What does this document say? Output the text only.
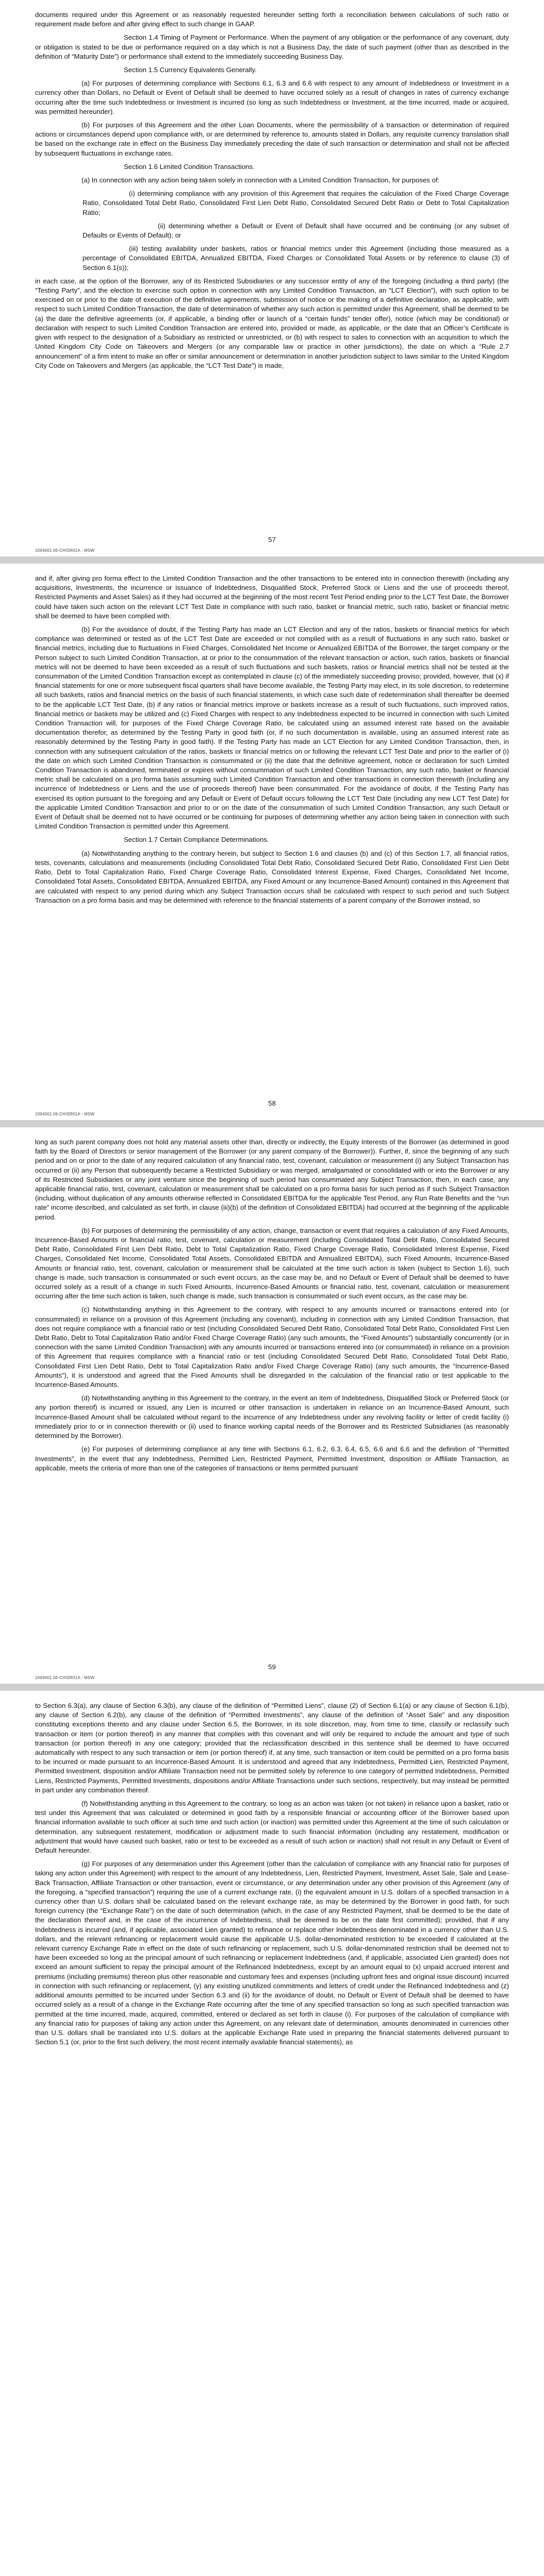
documents required under this Agreement or as reasonably requested hereunder setting forth a reconciliation between calculations of such ratio or requirement made before and after giving effect to such change in GAAP.

Section 1.4 Timing of Payment or Performance. When the payment of any obligation or the performance of any covenant, duty or obligation is stated to be due or performance required on a day which is not a Business Day, the date of such payment (other than as described in the definition of “Maturity Date”) or performance shall extend to the immediately succeeding Business Day.

Section 1.5 Currency Equivalents Generally.

(a) For purposes of determining compliance with Sections 6.1, 6.3 and 6.6 with respect to any amount of Indebtedness or Investment in a currency other than Dollars, no Default or Event of Default shall be deemed to have occurred solely as a result of changes in rates of currency exchange occurring after the time such Indebtedness or Investment is incurred (so long as such Indebtedness or Investment, at the time incurred, made or acquired, was permitted hereunder).

(b) For purposes of this Agreement and the other Loan Documents, where the permissibility of a transaction or determination of required actions or circumstances depend upon compliance with, or are determined by reference to, amounts stated in Dollars, any requisite currency translation shall be based on the exchange rate in effect on the Business Day immediately preceding the date of such transaction or determination and shall not be affected by subsequent fluctuations in exchange rates.

Section 1.6 Limited Condition Transactions.

(a) In connection with any action being taken solely in connection with a Limited Condition Transaction, for purposes of:

(i) determining compliance with any provision of this Agreement that requires the calculation of the Fixed Charge Coverage Ratio, Consolidated Total Debt Ratio, Consolidated First Lien Debt Ratio, Consolidated Secured Debt Ratio or Debt to Total Capitalization Ratio;

(ii) determining whether a Default or Event of Default shall have occurred and be continuing (or any subset of Defaults or Events of Default); or

(iii) testing availability under baskets, ratios or financial metrics under this Agreement (including those measured as a percentage of Consolidated EBITDA, Annualized EBITDA, Fixed Charges or Consolidated Total Assets or by reference to clause (3) of Section 6.1(s));

in each case, at the option of the Borrower, any of its Restricted Subsidiaries or any successor entity of any of the foregoing (including a third party) (the “Testing Party”, and the election to exercise such option in connection with any Limited Condition Transaction, an “LCT Election”), with such option to be exercised on or prior to the date of execution of the definitive agreements, submission of notice or the making of a definitive declaration, as applicable, with respect to such Limited Condition Transaction, the date of determination of whether any such action is permitted under this Agreement, shall be deemed to be (a) the date the definitive agreements (or, if applicable, a binding offer or launch of a “certain funds” tender offer), notice (which may be conditional) or declaration with respect to such Limited Condition Transaction are entered into, provided or made, as applicable, or the date that an Officer’s Certificate is given with respect to the designation of a Subsidiary as restricted or unrestricted, or (b) with respect to sales to connection with an acquisition to which the United Kingdom City Code on Takeovers and Mergers (or any comparable law or practice in other jurisdictions), the date on which a “Rule 2.7 announcement” of a firm intent to make an offer or similar announcement or determination in another jurisdiction subject to laws similar to the United Kingdom City Code on Takeovers and Mergers (as applicable, the “LCT Test Date”) is made,

57
1094001.06-CHISR01A - MSW

and if, after giving pro forma effect to the Limited Condition Transaction and the other transactions to be entered into in connection therewith (including any acquisitions, Investments, the incurrence or issuance of Indebtedness, Disqualified Stock, Preferred Stock or Liens and the use of proceeds thereof, Restricted Payments and Asset Sales) as if they had occurred at the beginning of the most recent Test Period ending prior to the LCT Test Date, the Borrower could have taken such action on the relevant LCT Test Date in compliance with such ratio, basket or financial metric, such ratio, basket or financial metric shall be deemed to have been complied with.

(b) For the avoidance of doubt, if the Testing Party has made an LCT Election and any of the ratios, baskets or financial metrics for which compliance was determined or tested as of the LCT Test Date are exceeded or not complied with as a result of fluctuations in any such ratio, basket or financial metrics, including due to fluctuations in Fixed Charges, Consolidated Net Income or Annualized EBITDA of the Borrower, the target company or the Person subject to such Limited Condition Transaction, at or prior to the consummation of the relevant transaction or action, such ratios, baskets or financial metrics will not be deemed to have been exceeded as a result of such fluctuations and such baskets, ratios or financial metrics shall not be tested at the consummation of the Limited Condition Transaction except as contemplated in clause (c) of the immediately succeeding proviso; provided, however, that (x) if financial statements for one or more subsequent fiscal quarters shall have become available, the Testing Party may elect, in its sole discretion, to redetermine all such baskets, ratios and financial metrics on the basis of such financial statements, in which case such date of redetermination shall thereafter be deemed to be the applicable LCT Test Date, (b) if any ratios or financial metrics improve or baskets increase as a result of such fluctuations, such improved ratios, financial metrics or baskets may be utilized and (c) Fixed Charges with respect to any Indebtedness expected to be incurred in connection with such Limited Condition Transaction will, for purposes of the Fixed Charge Coverage Ratio, be calculated using an assumed interest rate based on the available documentation therefor, as determined by the Testing Party in good faith (or, if no such documentation is available, using an assumed interest rate as reasonably determined by the Testing Party in good faith). If the Testing Party has made an LCT Election for any Limited Condition Transaction, then, in connection with any subsequent calculation of the ratios, baskets or financial metrics on or following the relevant LCT Test Date and prior to the earlier of (i) the date on which such Limited Condition Transaction is consummated or (ii) the date that the definitive agreement, notice or declaration for such Limited Condition Transaction is abandoned, terminated or expires without consummation of such Limited Condition Transaction, any such ratio, basket or financial metric shall be calculated on a pro forma basis assuming such Limited Condition Transaction and other transactions in connection therewith (including any incurrence of Indebtedness or Liens and the use of proceeds thereof) have been consummated. For the avoidance of doubt, if the Testing Party has exercised its option pursuant to the foregoing and any Default or Event of Default occurs following the LCT Test Date (including any new LCT Test Date) for the applicable Limited Condition Transaction and prior to or on the date of the consummation of such Limited Condition Transaction, any such Default or Event of Default shall be deemed not to have occurred or be continuing for purposes of determining whether any action being taken in connection with such Limited Condition Transaction is permitted under this Agreement.

Section 1.7 Certain Compliance Determinations.

(a) Notwithstanding anything to the contrary herein, but subject to Section 1.6 and clauses (b) and (c) of this Section 1.7, all financial ratios, tests, covenants, calculations and measurements (including Consolidated Total Debt Ratio, Consolidated Secured Debt Ratio, Consolidated First Lien Debt Ratio, Debt to Total Capitalization Ratio, Fixed Charge Coverage Ratio, Consolidated Interest Expense, Fixed Charges, Consolidated Net Income, Consolidated Total Assets, Consolidated EBITDA, Annualized EBITDA, any Fixed Amount or any Incurrence-Based Amount) contained in this Agreement that are calculated with respect to any period during which any Subject Transaction occurs shall be calculated with respect to such period and such Subject Transaction on a pro forma basis and may be determined with reference to the financial statements of a parent company of the Borrower instead, so

58
1094001.06-CHISR01A - MSW

long as such parent company does not hold any material assets other than, directly or indirectly, the Equity Interests of the Borrower (as determined in good faith by the Board of Directors or senior management of the Borrower (or any parent company of the Borrower)). Further, if, since the beginning of any such period and on or prior to the date of any required calculation of any financial ratio, test, covenant, calculation or measurement (i) any Subject Transaction has occurred or (ii) any Person that subsequently became a Restricted Subsidiary or was merged, amalgamated or consolidated with or into the Borrower or any of its Restricted Subsidiaries or any joint venture since the beginning of such period has consummated any Subject Transaction, then, in each case, any applicable financial ratio, test, covenant, calculation or measurement shall be calculated on a pro forma basis for such period as if such Subject Transaction (including, without duplication of any amounts otherwise reflected in Consolidated EBITDA for the applicable Test Period, any Run Rate Benefits and the “run rate” income described, and calculated as set forth, in clause (iii)(b) of the definition of Consolidated EBITDA) had occurred at the beginning of the applicable period.

(b) For purposes of determining the permissibility of any action, change, transaction or event that requires a calculation of any Fixed Amounts, Incurrence-Based Amounts or financial ratio, test, covenant, calculation or measurement (including Consolidated Total Debt Ratio, Consolidated Secured Debt Ratio, Consolidated First Lien Debt Ratio, Debt to Total Capitalization Ratio, Fixed Charge Coverage Ratio, Consolidated Interest Expense, Fixed Charges, Consolidated Net Income, Consolidated Total Assets, Consolidated EBITDA and Annualized EBITDA), such Fixed Amounts, Incurrence-Based Amounts or financial ratio, test, covenant, calculation or measurement shall be calculated at the time such action is taken (subject to Section 1.6), such change is made, such transaction is consummated or such event occurs, as the case may be, and no Default or Event of Default shall be deemed to have occurred solely as a result of a change in such Fixed Amounts, Incurrence-Based Amounts or financial ratio, test, covenant, calculation or measurement occurring after the time such action is taken, such change is made, such transaction is consummated or such event occurs, as the case may be.

(c) Notwithstanding anything in this Agreement to the contrary, with respect to any amounts incurred or transactions entered into (or consummated) in reliance on a provision of this Agreement (including any covenant), including in connection with any Limited Condition Transaction, that does not require compliance with a financial ratio or test (including Consolidated Secured Debt Ratio, Consolidated Total Debt Ratio, Consolidated First Lien Debt Ratio, Debt to Total Capitalization Ratio and/or Fixed Charge Coverage Ratio) (any such amounts, the “Fixed Amounts”) substantially concurrently (or in connection with the same Limited Condition Transaction) with any amounts incurred or transactions entered into (or consummated) in reliance on a provision of this Agreement that requires compliance with a financial ratio or test (including Consolidated Secured Debt Ratio, Consolidated Total Debt Ratio, Consolidated First Lien Debt Ratio, Debt to Total Capitalization Ratio and/or Fixed Charge Coverage Ratio) (any such amounts, the “Incurrence-Based Amounts”), it is understood and agreed that the Fixed Amounts shall be disregarded in the calculation of the financial ratio or test applicable to the Incurrence-Based Amounts.

(d) Notwithstanding anything in this Agreement to the contrary, in the event an item of Indebtedness, Disqualified Stock or Preferred Stock (or any portion thereof) is incurred or issued, any Lien is incurred or other transaction is undertaken in reliance on an Incurrence-Based Amount, such Incurrence-Based Amount shall be calculated without regard to the incurrence of any Indebtedness under any revolving facility or letter of credit facility (i) immediately prior to or in connection therewith or (ii) used to finance working capital needs of the Borrower and its Restricted Subsidiaries (as reasonably determined by the Borrower).

(e) For purposes of determining compliance at any time with Sections 6.1, 6.2, 6.3, 6.4, 6.5, 6.6 and 6.6 and the definition of “Permitted Investments”, in the event that any Indebtedness, Permitted Lien, Restricted Payment, Permitted Investment, disposition or Affiliate Transaction, as applicable, meets the criteria of more than one of the categories of transactions or items permitted pursuant

59
1094001.06-CHISR01A - MSW

to Section 6.3(a), any clause of Section 6.3(b), any clause of the definition of “Permitted Liens”, clause (2) of Section 6.1(a) or any clause of Section 6.1(b), any clause of Section 6.2(b), any clause of the definition of “Permitted Investments”, any clause of the definition of “Asset Sale” and any disposition constituting exceptions thereto and any clause under Section 6.5, the Borrower, in its sole discretion, may, from time to time, classify or reclassify such transaction or item (or portion thereof) in any manner that complies with this covenant and will only be required to include the amount and type of such transaction (or portion thereof) in any one category; provided that the reclassification described in this sentence shall be deemed to have occurred automatically with respect to any such transaction or item (or portion thereof) if, at any time, such transaction or item could be permitted on a pro forma basis to be incurred or made pursuant to an Incurrence-Based Amount. It is understood and agreed that any Indebtedness, Permitted Lien, Restricted Payment, Permitted Investment, disposition and/or Affiliate Transaction need not be permitted solely by reference to one category of permitted Indebtedness, Permitted Liens, Restricted Payments, Permitted Investments, dispositions and/or Affiliate Transactions under such sections, respectively, but may instead be permitted in part under any combination thereof.

(f) Notwithstanding anything in this Agreement to the contrary, so long as an action was taken (or not taken) in reliance upon a basket, ratio or test under this Agreement that was calculated or determined in good faith by a responsible financial or accounting officer of the Borrower based upon financial information available to such officer at such time and such action (or inaction) was permitted under this Agreement at the time of such calculation or determination, any subsequent restatement, modification or adjustment made to such financial information (including any restatement, modification or adjustment that would have caused such basket, ratio or test to be exceeded as a result of such action or inaction) shall not result in any Default or Event of Default hereunder.

(g) For purposes of any determination under this Agreement (other than the calculation of compliance with any financial ratio for purposes of taking any action under this Agreement) with respect to the amount of any Indebtedness, Lien, Restricted Payment, Investment, Asset Sale, Sale and Lease-Back Transaction, Affiliate Transaction or other transaction, event or circumstance, or any determination under any other provision of this Agreement (any of the foregoing, a “specified transaction”) requiring the use of a current exchange rate, (i) the equivalent amount in U.S. dollars of a specified transaction in a currency other than U.S. dollars shall be calculated based on the relevant exchange rate, as may be determined by the Borrower in good faith, for such foreign currency (the “Exchange Rate”) on the date of such determination (which, in the case of any Restricted Payment, shall be deemed to be the date of the declaration thereof and, in the case of the incurrence of Indebtedness, shall be deemed to be on the date first committed); provided, that if any Indebtedness is incurred (and, if applicable, associated Lien granted) to refinance or replace other Indebtedness denominated in a currency other than U.S. dollars, and the relevant refinancing or replacement would cause the applicable U.S. dollar-denominated restriction to be exceeded if calculated at the relevant currency Exchange Rate in effect on the date of such refinancing or replacement, such U.S. dollar-denominated restriction shall be deemed not to have been exceeded so long as the principal amount of such refinancing or replacement Indebtedness (and, if applicable, associated Lien granted) does not exceed an amount sufficient to repay the principal amount of the Refinanced Indebtedness, except by an amount equal to (x) unpaid accrued interest and premiums (including premiums) thereon plus other reasonable and customary fees and expenses (including upfront fees and original issue discount) incurred in connection with such refinancing or replacement, (y) any existing unutilized commitments and letters of credit under the Refinanced Indebtedness and (z) additional amounts permitted to be incurred under Section 6.3 and (ii) for the avoidance of doubt, no Default or Event of Default shall be deemed to have occurred solely as a result of a change in the Exchange Rate occurring after the time of any specified transaction so long as such specified transaction was permitted at the time incurred, made, acquired, committed, entered or declared as set forth in clause (i). For purposes of the calculation of compliance with any financial ratio for purposes of taking any action under this Agreement, on any relevant date of determination, amounts denominated in currencies other than U.S. dollars shall be translated into U.S. dollars at the applicable Exchange Rate used in preparing the financial statements delivered pursuant to Section 5.1 (or, prior to the first such delivery, the most recent internally available financial statements), as
